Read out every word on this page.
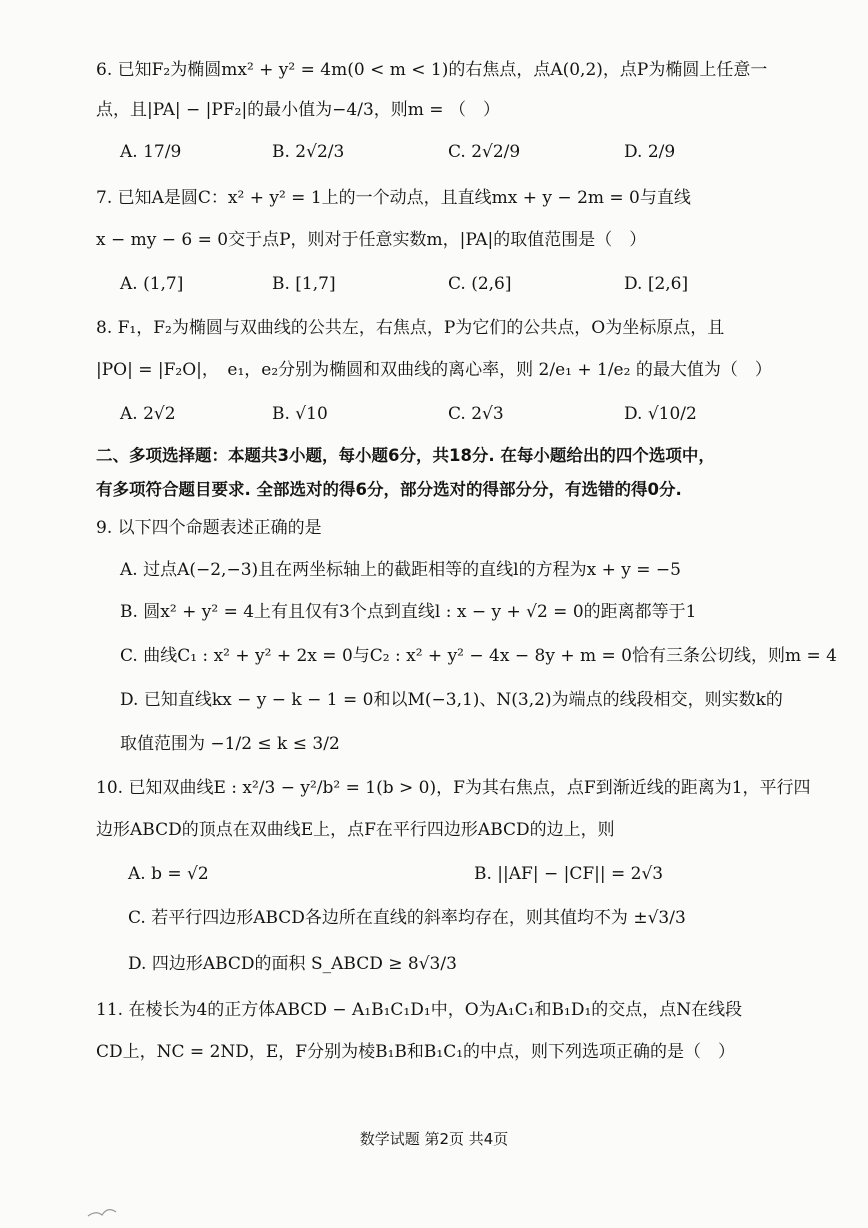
6. 已知F₂为椭圆mx² + y² = 4m(0 < m < 1)的右焦点，点A(0,2)，点P为椭圆上任意一
点，且|PA| − |PF₂|的最小值为−4/3，则m = （　）
A. 17/9	B. 2√2/3	C. 2√2/9	D. 2/9
7. 已知A是圆C：x² + y² = 1上的一个动点，且直线mx + y − 2m = 0与直线
x − my − 6 = 0交于点P，则对于任意实数m，|PA|的取值范围是（　）
A. (1,7]	B. [1,7]	C. (2,6]	D. [2,6]
8. F₁，F₂为椭圆与双曲线的公共左，右焦点，P为它们的公共点，O为坐标原点，且
|PO| = |F₂O|，　e₁，e₂分别为椭圆和双曲线的离心率，则 2/e₁ + 1/e₂ 的最大值为（　）
A. 2√2	B. √10	C. 2√3	D. √10/2
二、多项选择题：本题共3小题，每小题6分，共18分. 在每小题给出的四个选项中，
有多项符合题目要求. 全部选对的得6分，部分选对的得部分分，有选错的得0分.
9. 以下四个命题表述正确的是
A. 过点A(−2,−3)且在两坐标轴上的截距相等的直线l的方程为x + y = −5
B. 圆x² + y² = 4上有且仅有3个点到直线l : x − y + √2 = 0的距离都等于1
C. 曲线C₁ : x² + y² + 2x = 0与C₂ : x² + y² − 4x − 8y + m = 0恰有三条公切线，则m = 4
D. 已知直线kx − y − k − 1 = 0和以M(−3,1)、N(3,2)为端点的线段相交，则实数k的
取值范围为 −1/2 ≤ k ≤ 3/2
10. 已知双曲线E : x²/3 − y²/b² = 1(b > 0)，F为其右焦点，点F到渐近线的距离为1，平行四
边形ABCD的顶点在双曲线E上，点F在平行四边形ABCD的边上，则
A. b = √2	B. ||AF| − |CF|| = 2√3
C. 若平行四边形ABCD各边所在直线的斜率均存在，则其值均不为 ±√3/3
D. 四边形ABCD的面积 S_ABCD ≥ 8√3/3
11. 在棱长为4的正方体ABCD − A₁B₁C₁D₁中，O为A₁C₁和B₁D₁的交点，点N在线段
CD上，NC = 2ND，E，F分别为棱B₁B和B₁C₁的中点，则下列选项正确的是（　）
数学试题 第2页 共4页
